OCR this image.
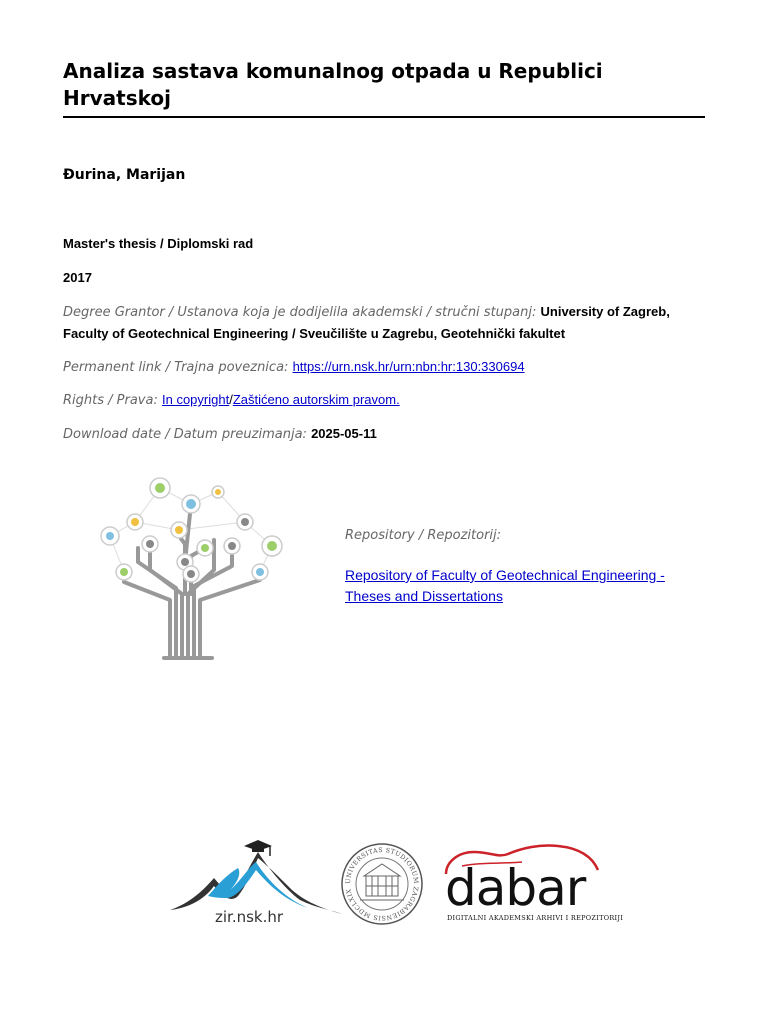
Analiza sastava komunalnog otpada u Republici Hrvatskoj
Đurina, Marijan
Master's thesis / Diplomski rad
2017
Degree Grantor / Ustanova koja je dodijelila akademski / stručni stupanj: University of Zagreb, Faculty of Geotechnical Engineering / Sveučilište u Zagrebu, Geotehnički fakultet
Permanent link / Trajna poveznica: https://urn.nsk.hr/urn:nbn:hr:130:330694
Rights / Prava: In copyright/Zaštićeno autorskim pravom.
Download date / Datum preuzimanja: 2025-05-11
Repository / Repozitorij:
Repository of Faculty of Geotechnical Engineering - Theses and Dissertations
zir.nsk.hr
UNIVERSITAS STUDIORUM ZAGRABIENSIS MDCLXIX	dabar
DIGITALNI AKADEMSKI ARHIVI I REPOZITORIJI
